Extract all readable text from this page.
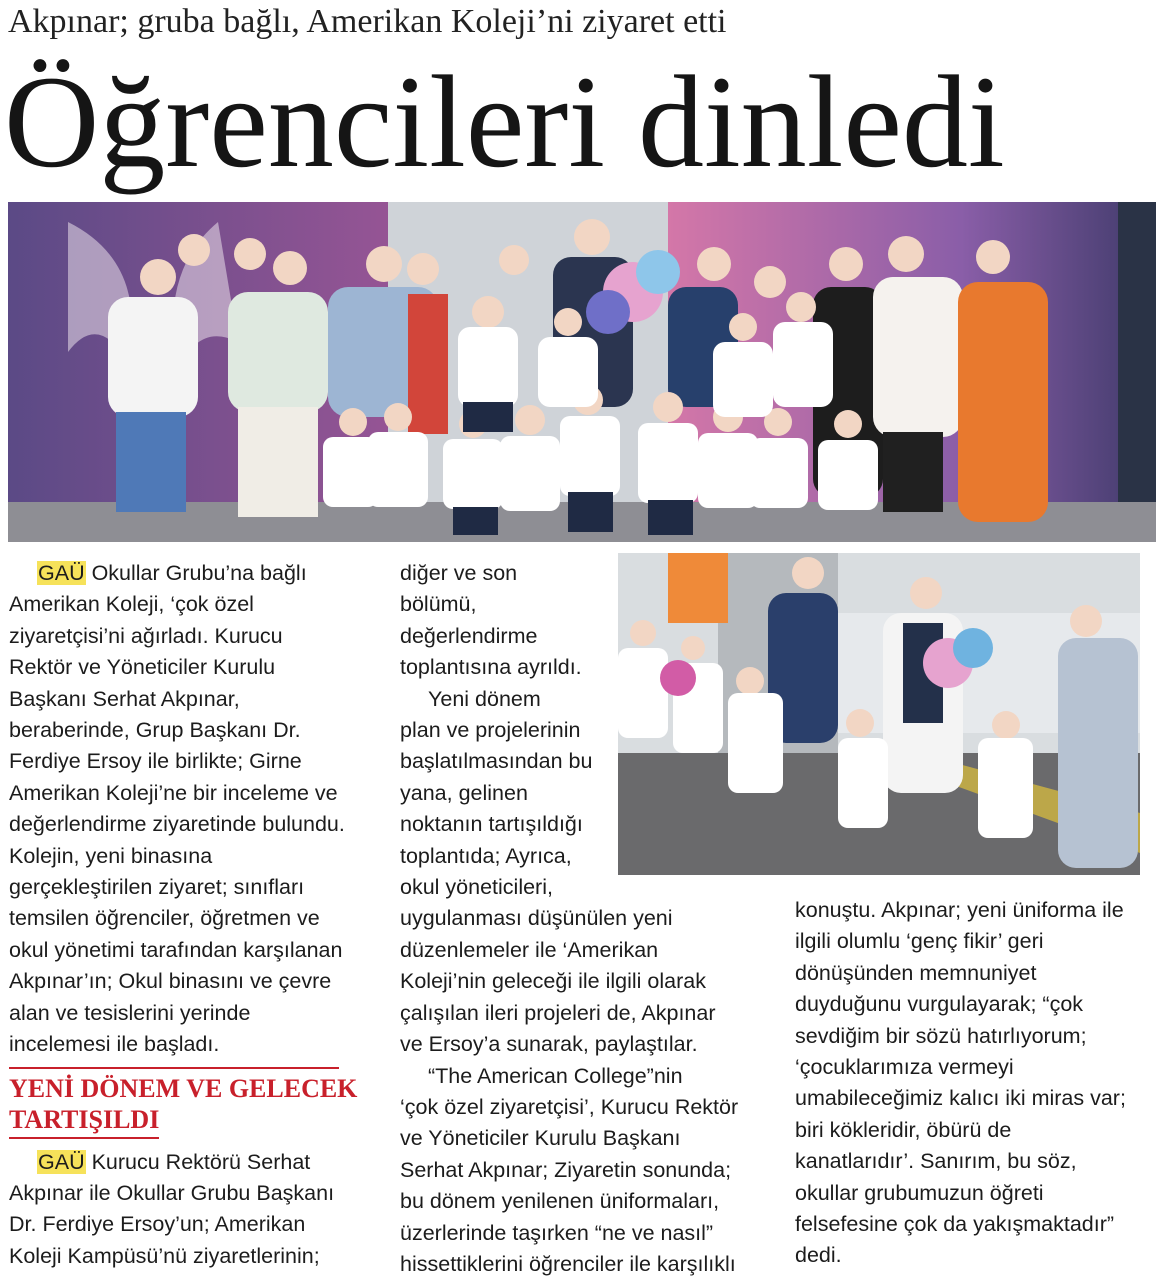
Akpınar; gruba bağlı, Amerikan Koleji’ni ziyaret etti
Öğrencileri dinledi
GAÜ Okullar Grubu’na bağlı
Amerikan Koleji, ‘çok özel
ziyaretçisi’ni ağırladı. Kurucu
Rektör ve Yöneticiler Kurulu
Başkanı Serhat Akpınar,
beraberinde, Grup Başkanı Dr.
Ferdiye Ersoy ile birlikte; Girne
Amerikan Koleji’ne bir inceleme ve
değerlendirme ziyaretinde bulundu.
Kolejin, yeni binasına
gerçekleştirilen ziyaret; sınıfları
temsilen öğrenciler, öğretmen ve
okul yönetimi tarafından karşılanan
Akpınar’ın; Okul binasını ve çevre
alan ve tesislerini yerinde
incelemesi ile başladı.
YENİ DÖNEM VE GELECEK
TARTIŞILDI
GAÜ Kurucu Rektörü Serhat
Akpınar ile Okullar Grubu Başkanı
Dr. Ferdiye Ersoy’un; Amerikan
Koleji Kampüsü’nü ziyaretlerinin;
diğer ve son
bölümü,
değerlendirme
toplantısına ayrıldı.
Yeni dönem
plan ve projelerinin
başlatılmasından bu
yana, gelinen
noktanın tartışıldığı
toplantıda; Ayrıca,
okul yöneticileri,
uygulanması düşünülen yeni
düzenlemeler ile ‘Amerikan
Koleji’nin geleceği ile ilgili olarak
çalışılan ileri projeleri de, Akpınar
ve Ersoy’a sunarak, paylaştılar.
“The American College”nin
‘çok özel ziyaretçisi’, Kurucu Rektör
ve Yöneticiler Kurulu Başkanı
Serhat Akpınar; Ziyaretin sonunda;
bu dönem yenilenen üniformaları,
üzerlerinde taşırken “ne ve nasıl”
hissettiklerini öğrenciler ile karşılıklı
konuştu. Akpınar; yeni üniforma ile
ilgili olumlu ‘genç fikir’ geri
dönüşünden memnuniyet
duyduğunu vurgulayarak; “çok
sevdiğim bir sözü hatırlıyorum;
‘çocuklarımıza vermeyi
umabileceğimiz kalıcı iki miras var;
biri kökleridir, öbürü de
kanatlarıdır’. Sanırım, bu söz,
okullar grubumuzun öğreti
felsefesine çok da yakışmaktadır”
dedi.
